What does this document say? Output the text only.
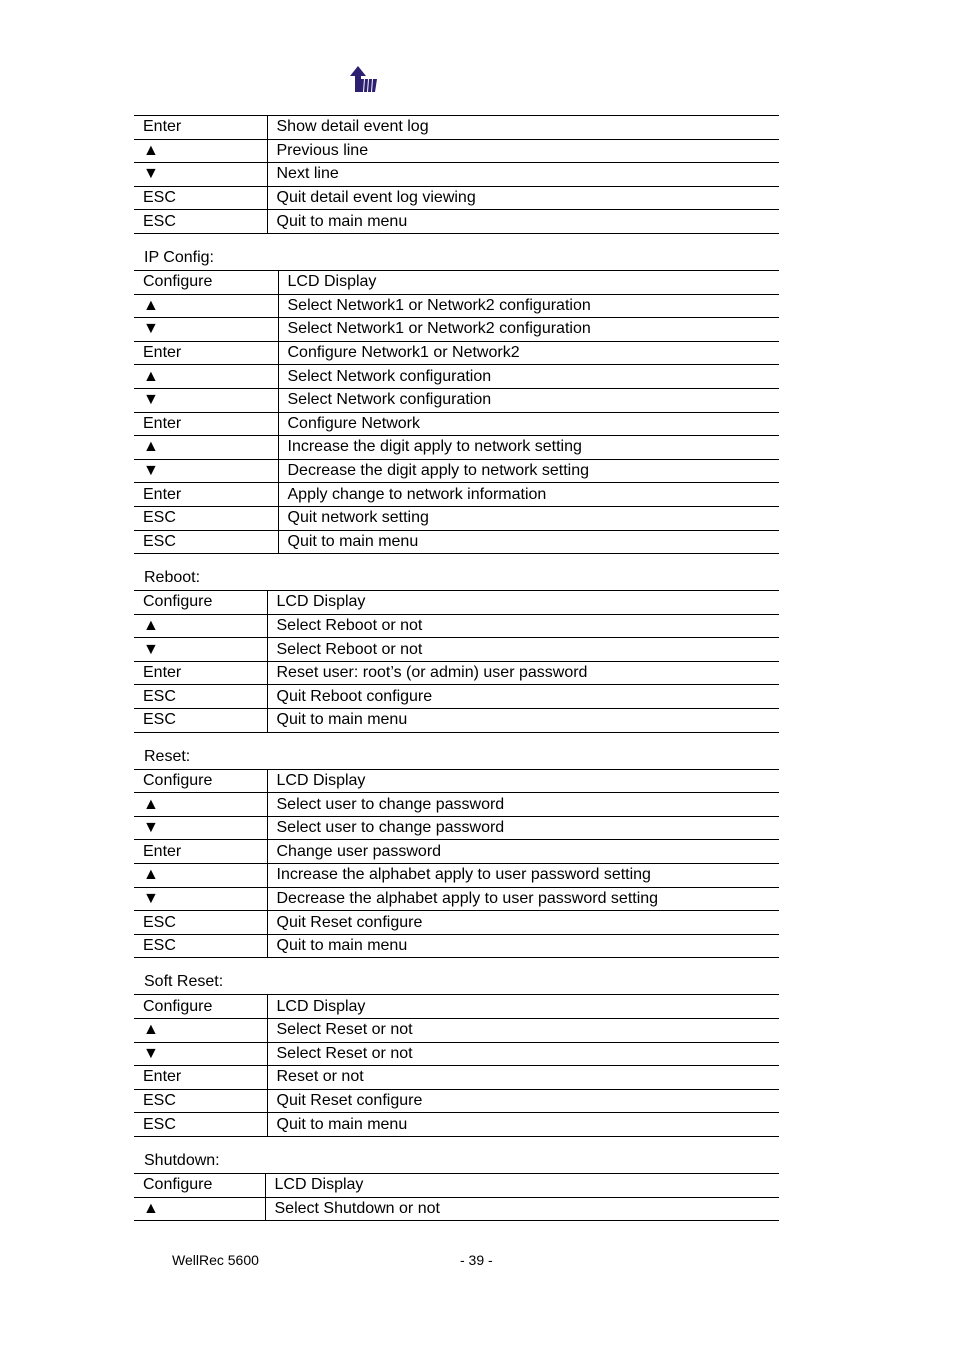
Enter	Show detail event log
▲	Previous line
▼	Next line
ESC	Quit detail event log viewing
ESC	Quit to main menu
IP Config:
Configure	LCD Display
▲	Select Network1 or Network2 configuration
▼	Select Network1 or Network2 configuration
Enter	Configure Network1 or Network2
▲	Select Network configuration
▼	Select Network configuration
Enter	Configure Network
▲	Increase the digit apply to network setting
▼	Decrease the digit apply to network setting
Enter	Apply change to network information
ESC	Quit network setting
ESC	Quit to main menu
Reboot:
Configure	LCD Display
▲	Select Reboot or not
▼	Select Reboot or not
Enter	Reset user: root’s (or admin) user password
ESC	Quit Reboot configure
ESC	Quit to main menu
Reset:
Configure	LCD Display
▲	Select user to change password
▼	Select user to change password
Enter	Change user password
▲	Increase the alphabet apply to user password setting
▼	Decrease the alphabet apply to user password setting
ESC	Quit Reset configure
ESC	Quit to main menu
Soft Reset:
Configure	LCD Display
▲	Select Reset or not
▼	Select Reset or not
Enter	Reset or not
ESC	Quit Reset configure
ESC	Quit to main menu
Shutdown:
Configure	LCD Display
▲	Select Shutdown or not
WellRec 5600	- 39 -
